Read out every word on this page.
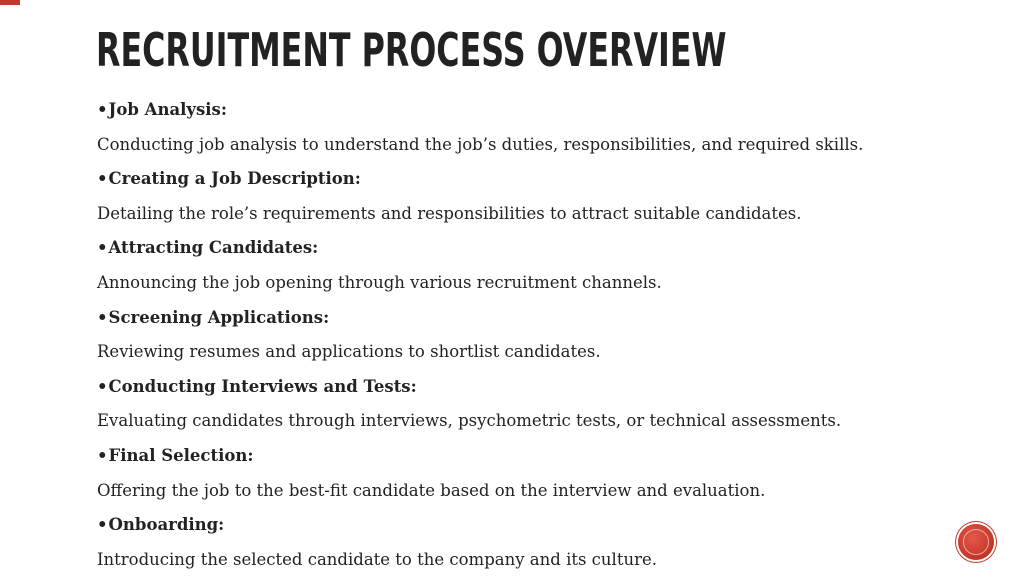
RECRUITMENT PROCESS OVERVIEW
•Job Analysis:
Conducting job analysis to understand the job’s duties, responsibilities, and required skills.
•Creating a Job Description:
Detailing the role’s requirements and responsibilities to attract suitable candidates.
•Attracting Candidates:
Announcing the job opening through various recruitment channels.
•Screening Applications:
Reviewing resumes and applications to shortlist candidates.
•Conducting Interviews and Tests:
Evaluating candidates through interviews, psychometric tests, or technical assessments.
•Final Selection:
Offering the job to the best-fit candidate based on the interview and evaluation.
•Onboarding:
Introducing the selected candidate to the company and its culture.
